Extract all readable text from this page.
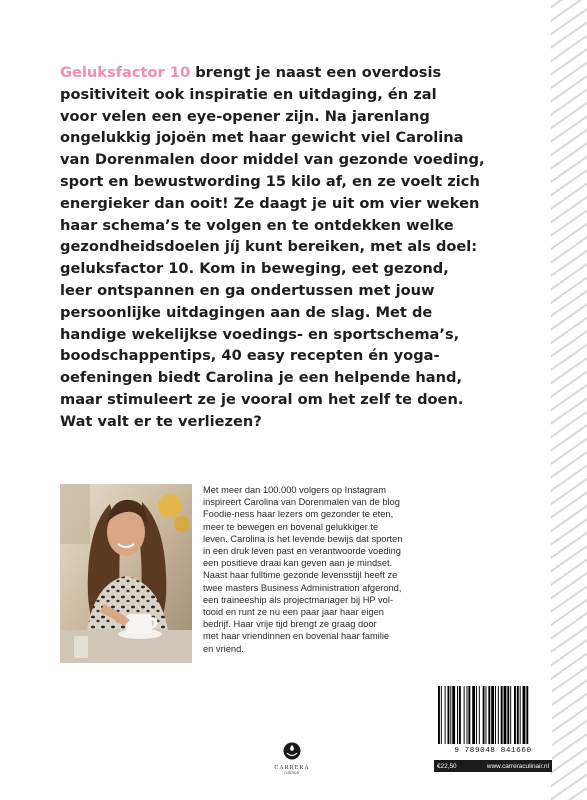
Geluksfactor 10 brengt je naast een overdosis
positiviteit ook inspiratie en uitdaging, én zal
voor velen een eye-opener zijn. Na jarenlang
ongelukkig jojoën met haar gewicht viel Carolina
van Dorenmalen door middel van gezonde voeding,
sport en bewustwording 15 kilo af, en ze voelt zich
energieker dan ooit! Ze daagt je uit om vier weken
haar schema’s te volgen en te ontdekken welke
gezondheidsdoelen jíj kunt bereiken, met als doel:
geluksfactor 10. Kom in beweging, eet gezond,
leer ontspannen en ga ondertussen met jouw
persoonlijke uitdagingen aan de slag. Met de
handige wekelijkse voedings- en sportschema’s,
boodschappentips, 40 easy recepten én yoga-
oefeningen biedt Carolina je een helpende hand,
maar stimuleert ze je vooral om het zelf te doen.
Wat valt er te verliezen?

Met meer dan 100.000 volgers op Instagram
inspireert Carolina van Dorenmalen van de blog
Foodie-ness haar lezers om gezonder te eten,
meer te bewegen en bovenal gelukkiger te
leven. Carolina is het levende bewijs dat sporten
in een druk leven past en verantwoorde voeding
een positieve draai kan geven aan je mindset.
Naast haar fulltime gezonde levensstijl heeft ze
twee masters Business Administration afgerond,
een traineeship als projectmanager bij HP vol-
tooid en runt ze nu een paar jaar haar eigen
bedrijf. Haar vrije tijd brengt ze graag door
met haar vriendinnen en bovenal haar familie
en vriend.

CARRERA
culinair
9 789048 841660
€22,50	www.carreraculinair.nl
